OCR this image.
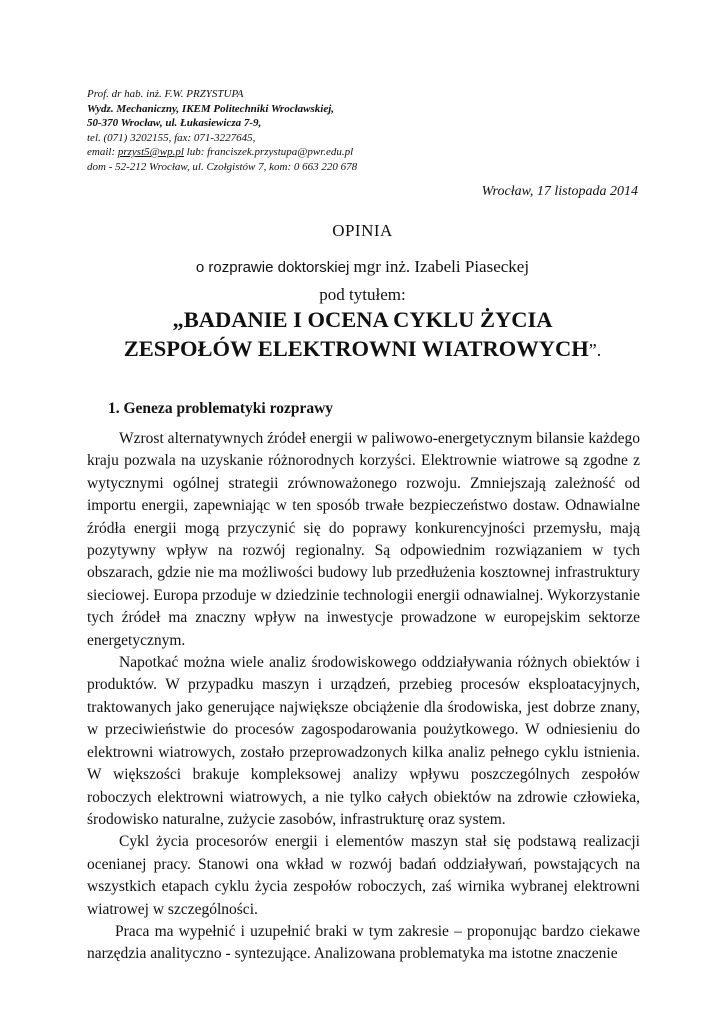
Prof. dr hab. inż. F.W. PRZYSTUPA
Wydz. Mechaniczny, IKEM Politechniki Wrocławskiej,
50-370 Wrocław, ul. Łukasiewicza 7-9,
tel. (071) 3202155, fax: 071-3227645,
email: przyst5@wp.pl lub: franciszek.przystupa@pwr.edu.pl
dom - 52-212 Wrocław, ul. Czołgistów 7, kom: 0 663 220 678
Wrocław, 17 listopada 2014
OPINIA
o rozprawie doktorskiej mgr inż. Izabeli Piaseckej
pod tytułem:
„BADANIE I OCENA CYKLU ŻYCIA
ZESPOŁÓW ELEKTROWNI WIATROWYCH”.
1. Geneza problematyki rozprawy

Wzrost alternatywnych źródeł energii w paliwowo-energetycznym bilansie każdego kraju pozwala na uzyskanie różnorodnych korzyści. Elektrownie wiatrowe są zgodne z wytycznymi ogólnej strategii zrównoważonego rozwoju. Zmniejszają zależność od importu energii, zapewniając w ten sposób trwałe bezpieczeństwo dostaw. Odnawialne źródła energii mogą przyczynić się do poprawy konkurencyjności przemysłu, mają pozytywny wpływ na rozwój regionalny. Są odpowiednim rozwiązaniem w tych obszarach, gdzie nie ma możliwości budowy lub przedłużenia kosztownej infrastruktury sieciowej. Europa przoduje w dziedzinie technologii energii odnawialnej. Wykorzystanie tych źródeł ma znaczny wpływ na inwestycje prowadzone w europejskim sektorze energetycznym.

Napotkać można wiele analiz środowiskowego oddziaływania różnych obiektów i produktów. W przypadku maszyn i urządzeń, przebieg procesów eksploatacyjnych, traktowanych jako generujące największe obciążenie dla środowiska, jest dobrze znany, w przeciwieństwie do procesów zagospodarowania poużytkowego. W odniesieniu do elektrowni wiatrowych, zostało przeprowadzonych kilka analiz pełnego cyklu istnienia. W większości brakuje kompleksowej analizy wpływu poszczególnych zespołów roboczych elektrowni wiatrowych, a nie tylko całych obiektów na zdrowie człowieka, środowisko naturalne, zużycie zasobów, infrastrukturę oraz system.

Cykl życia procesorów energii i elementów maszyn stał się podstawą realizacji ocenianej pracy. Stanowi ona wkład w rozwój badań oddziaływań, powstających na wszystkich etapach cyklu życia zespołów roboczych, zaś wirnika wybranej elektrowni wiatrowej w szczególności.

Praca ma wypełnić i uzupełnić braki w tym zakresie – proponując bardzo ciekawe narzędzia analityczno - syntezujące. Analizowana problematyka ma istotne znaczenie
